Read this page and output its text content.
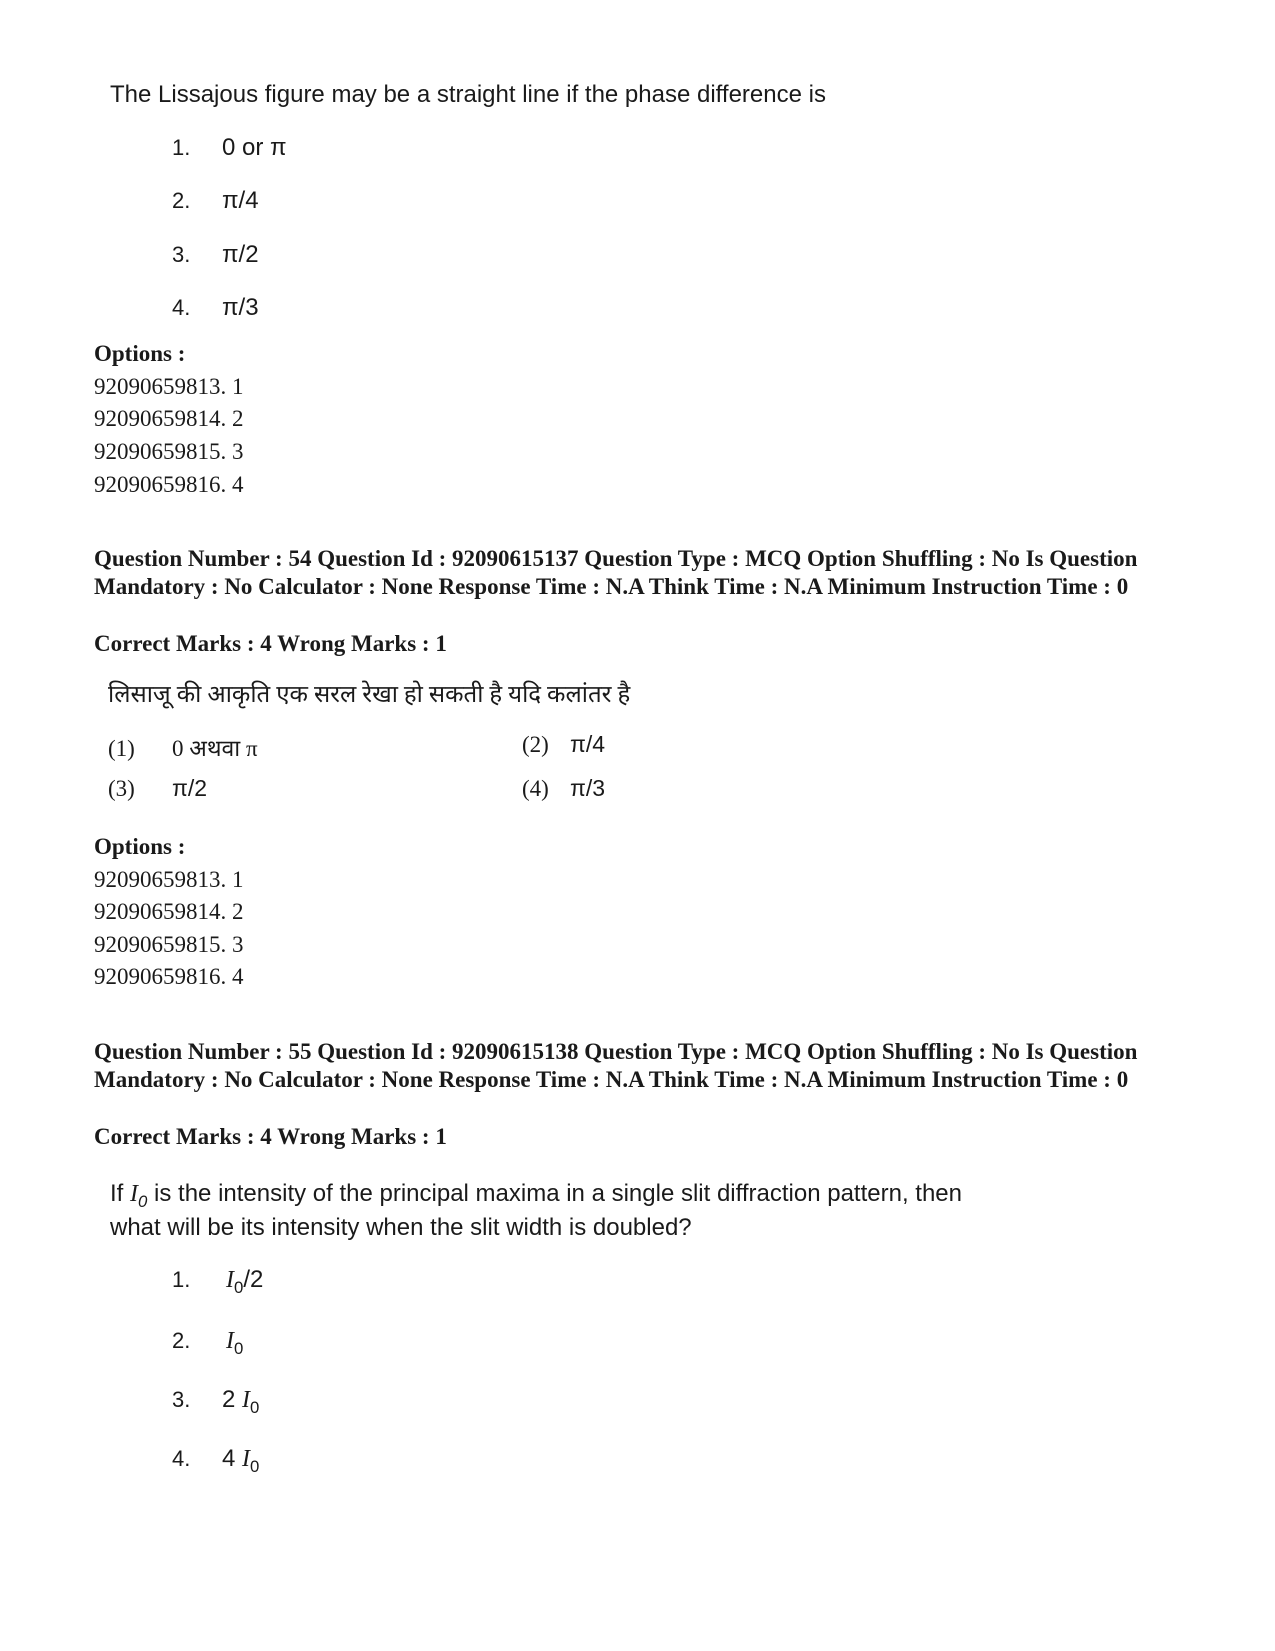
The Lissajous figure may be a straight line if the phase difference is
1. 0 or π
2. π/4
3. π/2
4. π/3
Options :
92090659813. 1
92090659814. 2
92090659815. 3
92090659816. 4
Question Number : 54 Question Id : 92090615137 Question Type : MCQ Option Shuffling : No Is Question Mandatory : No Calculator : None Response Time : N.A Think Time : N.A Minimum Instruction Time : 0
Correct Marks : 4 Wrong Marks : 1
लिसाजू की आकृति एक सरल रेखा हो सकती है यदि कलांतर है
(1) 0 अथवा π	(2) π/4
(3) π/2	(4) π/3
Options :
92090659813. 1
92090659814. 2
92090659815. 3
92090659816. 4
Question Number : 55 Question Id : 92090615138 Question Type : MCQ Option Shuffling : No Is Question Mandatory : No Calculator : None Response Time : N.A Think Time : N.A Minimum Instruction Time : 0
Correct Marks : 4 Wrong Marks : 1
If $I_0$ is the intensity of the principal maxima in a single slit diffraction pattern, then
what will be its intensity when the slit width is doubled?
1. $I_0/2$
2. $I_0$
3. 2 $I_0$
4. 4 $I_0$
